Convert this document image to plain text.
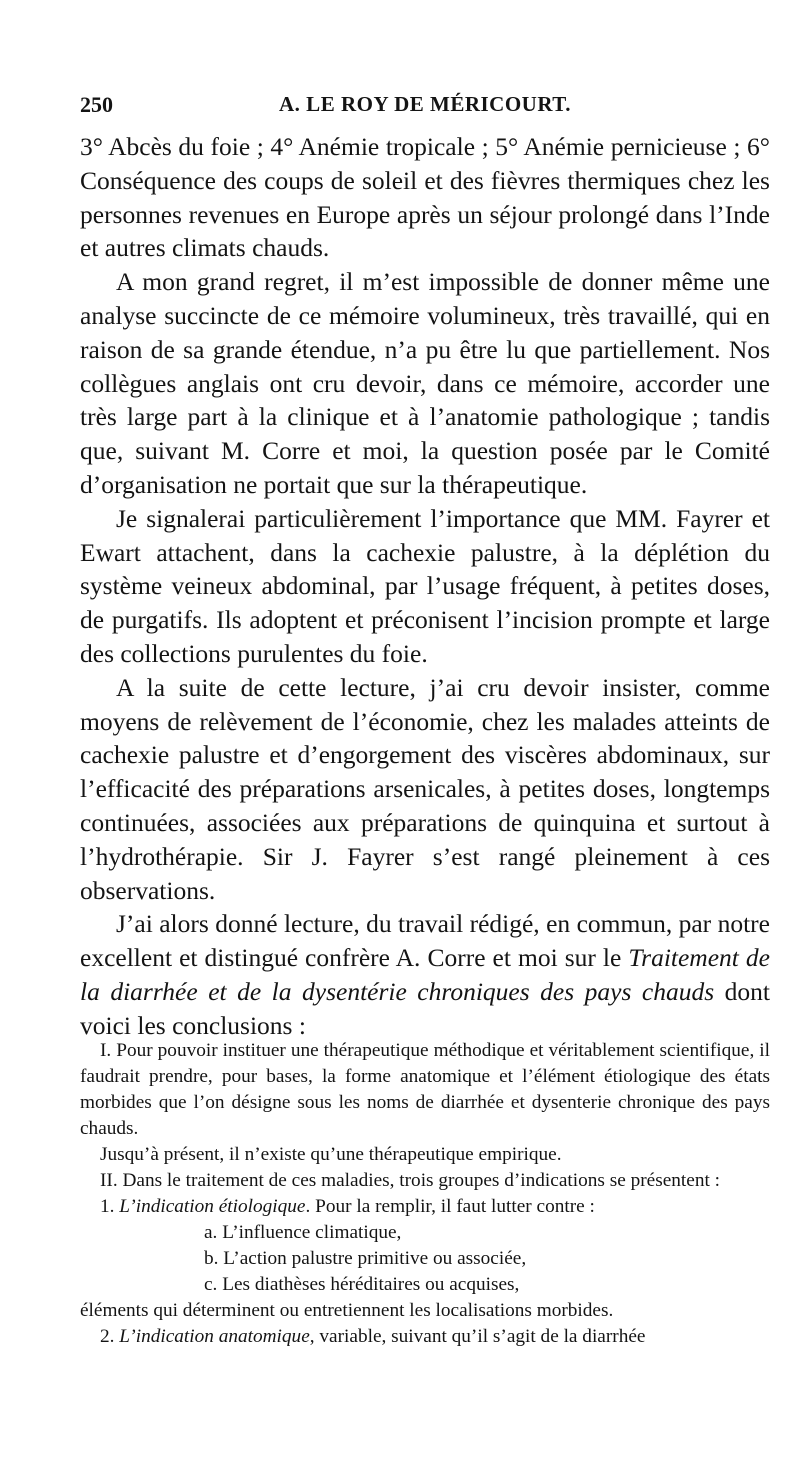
250	A. LE ROY DE MÉRICOURT.

3° Abcès du foie ; 4° Anémie tropicale ; 5° Anémie pernicieuse ; 6° Conséquence des coups de soleil et des fièvres thermiques chez les personnes revenues en Europe après un séjour prolongé dans l’Inde et autres climats chauds.

A mon grand regret, il m’est impossible de donner même une analyse succincte de ce mémoire volumineux, très travaillé, qui en raison de sa grande étendue, n’a pu être lu que partiellement. Nos collègues anglais ont cru devoir, dans ce mémoire, accorder une très large part à la clinique et à l’anatomie pathologique ; tandis que, suivant M. Corre et moi, la question posée par le Comité d’organisation ne portait que sur la thérapeutique.

Je signalerai particulièrement l’importance que MM. Fayrer et Ewart attachent, dans la cachexie palustre, à la déplétion du système veineux abdominal, par l’usage fréquent, à petites doses, de purgatifs. Ils adoptent et préconisent l’incision prompte et large des collections purulentes du foie.

A la suite de cette lecture, j’ai cru devoir insister, comme moyens de relèvement de l’économie, chez les malades atteints de cachexie palustre et d’engorgement des viscères abdominaux, sur l’efficacité des préparations arsenicales, à petites doses, longtemps continuées, associées aux préparations de quinquina et surtout à l’hydrothérapie. Sir J. Fayrer s’est rangé pleinement à ces observations.

J’ai alors donné lecture, du travail rédigé, en commun, par notre excellent et distingué confrère A. Corre et moi sur le Traitement de la diarrhée et de la dysentérie chroniques des pays chauds dont voici les conclusions :

I. Pour pouvoir instituer une thérapeutique méthodique et véritablement scientifique, il faudrait prendre, pour bases, la forme anatomique et l’élément étiologique des états morbides que l’on désigne sous les noms de diarrhée et dysenterie chronique des pays chauds.

Jusqu’à présent, il n’existe qu’une thérapeutique empirique.

II. Dans le traitement de ces maladies, trois groupes d’indications se présentent :

1. L’indication étiologique. Pour la remplir, il faut lutter contre :

a. L’influence climatique,

b. L’action palustre primitive ou associée,

c. Les diathèses héréditaires ou acquises,

éléments qui déterminent ou entretiennent les localisations morbides.

2. L’indication anatomique, variable, suivant qu’il s’agit de la diarrhée
